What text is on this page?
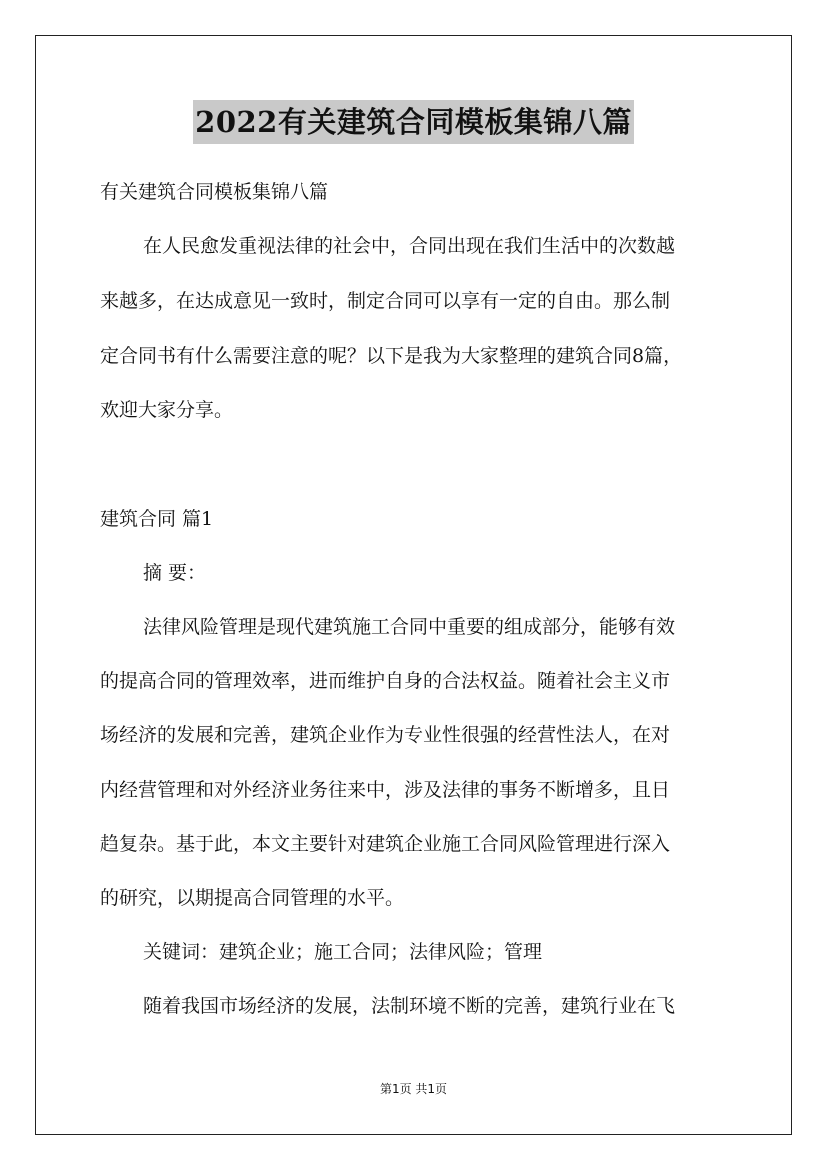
2022有关建筑合同模板集锦八篇
有关建筑合同模板集锦八篇
在人民愈发重视法律的社会中，合同出现在我们生活中的次数越
来越多，在达成意见一致时，制定合同可以享有一定的自由。那么制
定合同书有什么需要注意的呢？以下是我为大家整理的建筑合同8篇，
欢迎大家分享。
建筑合同 篇1
摘 要：
法律风险管理是现代建筑施工合同中重要的组成部分，能够有效
的提高合同的管理效率，进而维护自身的合法权益。随着社会主义市
场经济的发展和完善，建筑企业作为专业性很强的经营性法人，在对
内经营管理和对外经济业务往来中，涉及法律的事务不断增多，且日
趋复杂。基于此，本文主要针对建筑企业施工合同风险管理进行深入
的研究，以期提高合同管理的水平。
关键词：建筑企业；施工合同；法律风险；管理
随着我国市场经济的发展，法制环境不断的完善，建筑行业在飞
第1页 共1页
